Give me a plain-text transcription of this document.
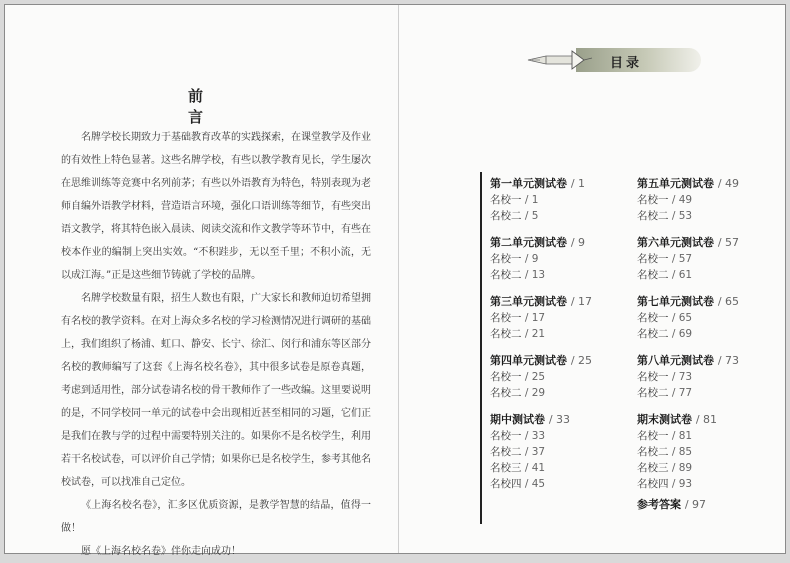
前 言

名牌学校长期致力于基础教育改革的实践探索，在课堂教学及作业的有效性上特色显著。这些名牌学校，有些以教学教育见长，学生屡次在思维训练等竞赛中名列前茅；有些以外语教育为特色，特别表现为老师自编外语教学材料，营造语言环境，强化口语训练等细节，有些突出语文教学，将其特色嵌入晨读、阅读交流和作文教学等环节中，有些在校本作业的编制上突出实效。“不积跬步，无以至千里；不积小流，无以成江海。”正是这些细节铸就了学校的品牌。

名牌学校数量有限，招生人数也有限，广大家长和教师迫切希望拥有名校的教学资料。在对上海众多名校的学习检测情况进行调研的基础上，我们组织了杨浦、虹口、静安、长宁、徐汇、闵行和浦东等区部分名校的教师编写了这套《上海名校名卷》，其中很多试卷是原卷真题，考虑到适用性，部分试卷请名校的骨干教师作了一些改编。这里要说明的是，不同学校同一单元的试卷中会出现相近甚至相同的习题，它们正是我们在教与学的过程中需要特别关注的。如果你不是名校学生，利用若干名校试卷，可以评价自己学情；如果你已是名校学生，参考其他名校试卷，可以找准自己定位。

《上海名校名卷》，汇多区优质资源，是教学智慧的结晶，值得一做！

愿《上海名校名卷》伴你走向成功！

目录
第一单元测试卷 / 1
名校一 / 1
名校二 / 5
第二单元测试卷 / 9
名校一 / 9
名校二 / 13
第三单元测试卷 / 17
名校一 / 17
名校二 / 21
第四单元测试卷 / 25
名校一 / 25
名校二 / 29
期中测试卷 / 33
名校一 / 33
名校二 / 37
名校三 / 41
名校四 / 45
第五单元测试卷 / 49
名校一 / 49
名校二 / 53
第六单元测试卷 / 57
名校一 / 57
名校二 / 61
第七单元测试卷 / 65
名校一 / 65
名校二 / 69
第八单元测试卷 / 73
名校一 / 73
名校二 / 77
期末测试卷 / 81
名校一 / 81
名校二 / 85
名校三 / 89
名校四 / 93
参考答案 / 97
